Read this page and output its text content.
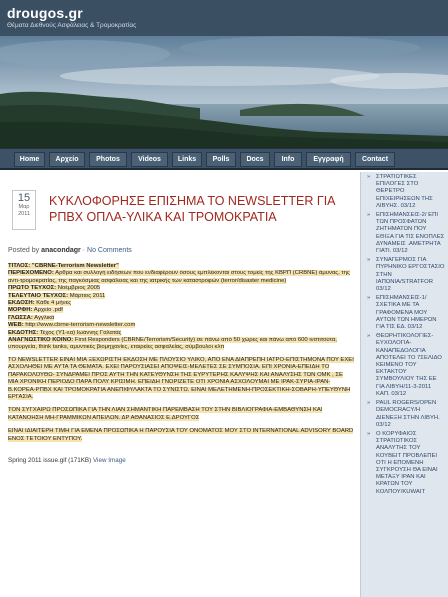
drougos.gr
Θέματα Διεθνούς Ασφάλειας & Τρομοκρατίας
Home	Αρχείο	Photos	Videos	Links	Polls	Docs	Info	Εγγραφή	Contact
15
Μαρ
2011
ΚΥΚΛΟΦΟΡΗΣΕ ΕΠΙΣΗΜΑ ΤΟ NEWSLETTER ΓΙΑ ΡΠΒΧ ΟΠΛΑ-ΥΛΙΚΑ ΚΑΙ ΤΡΟΜΟΚΡΑΤΙΑ
Posted by anacondagr · No Comments
ΤΙΤΛΟΣ: "CBRNE-Terrorism Newsletter"
ΠΕΡΙΕΧΟΜΕΝΟ: Αρθρα και συλλογή ειδήσεων που ενδιαφέρουν όσους εμπλέκονται στους τομείς της ΚΒΡΠ (CRBNE) άμυνας, της αντι-τρομοκρατίας, της παγκόσμιας ασφάλειας και της ιατρικής των καταστροφών (terror/disaster medicine)
ΠΡΩΤΟ ΤΕΥΧΟΣ: Νοέμβριος 2005
ΤΕΛΕΥΤΑΙΟ ΤΕΥΧΟΣ: Μάρτιος 2011
ΕΚΔΟΣΗ: Κάθε 4 μήνες
ΜΟΡΦΗ: Αρχείο .pdf
ΓΛΩΣΣΑ: Αγγλικά
WEB: http://www.cbrne-terrorism-newsletter.com
ΕΚΔΟΤΗΣ: Τέχος (Υ1-εα) Ιωάννης Γαλατάς
ΑΝΑΓΝΩΣΤΙΚΟ ΚΟΙΝΟ: First Responders (CBRNE/Terrorism/Security) σε πάνω από 50 χώρες και πάνω από 600 ινστιτούτα, υπουργεία, think tanks, αμυντικές βιομηχανίες, εταιρείες ασφαλείας, σύμβουλοι κλπ

ΤΟ NEWSLETTER ΕΙΝΑΙ ΜΙΑ ΞΕΧΩΡΙΣΤΗ ΕΚΔΟΣΗ ΜΕ ΠΛΟΥΣΙΟ ΥΛΙΚΟ, ΑΠΟ ΕΝΑ ΔΙΑΠΡΕΠΗ ΙΑΤΡΟ-ΕΠΙΣΤΗΜΟΝΑ ΠΟΥ ΕΧΕΙ ΑΣΧΟΛΗΘΕΙ ΜΕ ΑΥΤΑ ΤΑ ΘΕΜΑΤΑ. ΕΧΕΙ ΠΑΡΟΥΣΙΑΣΕΙ ΑΠΟΨΕΙΣ-ΜΕΛΕΤΕΣ ΣΕ ΣΥΜΠΟΣΙΑ. ΕΠΙ ΧΡΟΝΙΑ-ΕΠΕΙΔΗ ΤΟ ΠΑΡΑΚΟΛΟΥΘΩ- ΣΥΝΔΡΑΜΕΙ ΠΡΟΣ ΑΥΤΗ ΤΗΝ ΚΑΤΕΥΘΥΝΣΗ ΤΗΣ ΕΥΡΥΤΕΡΗΣ ΚΑΛΥΨΗΣ ΚΑΙ ΑΝΑΛΥΣΗΣ ΤΩΝ ΟΜΚ , ΣΕ ΜΙΑ ΧΡΟΝΙΚΗ ΠΕΡΙΟΔΟ ΠΑΡΑ ΠΟΛΥ ΚΡΙΣΙΜΗ. ΕΠΕΙΔΗ ΓΝΩΡΙΖΕΤΕ ΟΤΙ ΧΡΟΝΙΑ ΑΣΧΟΛΟΥΜΑΙ ΜΕ ΙΡΑΚ-ΣΥΡΙΑ-ΙΡΑΝ-Β.ΚΟΡΕΑ-ΡΠΒΧ ΚΑΙ ΤΡΟΜΟΚΡΑΤΙΑ ΑΝΕΠΙΦΥΛΑΚΤΑ ΤΟ ΣΥΝΙΣΤΩ. ΕΙΝΑΙ ΜΕΛΕΤΗΜΕΝΗ-ΠΡΟΣΕΚΤΙΚΗ-ΣΟΒΑΡΗ-ΥΠΕΥΘΥΝΗ ΕΡΓΑΣΙΑ.

ΤΟΝ ΣΥΓΧΑΙΡΩ ΠΡΟΣΩΠΙΚΑ ΓΙΑ ΤΗΝ ΛΙΑΝ ΣΗΜΑΝΤΙΚΗ ΠΑΡΕΜΒΑΣΗ ΤΟΥ ΣΤΗΝ ΒΙΒΛΙΟΓΡΑΦΙΑ-ΕΜΒΑΘΥΝΣΗ ΚΑΙ ΚΑΤΑΝΟΗΣΗ ΜΗ-ΓΡΑΜΜΙΚΩΝ ΑΠΕΙΛΩΝ. ΔΡ ΑΘΑΝΑΣΙΟΣ Ε.ΔΡΟΥΓΟΣ

ΕΙΝΑΙ ΙΔΙΑΙΤΕΡΗ ΤΙΜΗ ΓΙΑ ΕΜΕΝΑ ΠΡΟΣΩΠΙΚΑ Η ΠΑΡΟΥΣΙΑ ΤΟΥ ΟΝΟΜΑΤΟΣ ΜΟΥ ΣΤΟ INTERNATIONAL ADVISORY BOARD ΕΝΟΣ ΤΕΤΟΙΟΥ ΕΝΤΥΠΟΥ.

Spring 2011 issue.gif (171KB) View Image
» ΣΤΡΑΤΙΩΤΙΚΕΣ ΕΠΙΛΟΓΕΣ ΣΤΟ ΘΕΡΕΤΡΟ ΕΠΙΧΕΙΡΗΣΕΩΝ ΤΗΣ ΛΙΒΥΗΣ. 03/12
» ΕΠΙΣΗΜΑΝΣΕΙΣ-2/ ΕΠΙ ΤΩΝ ΠΡΟΣΦΑΤΩΝ ΖΗΤΗΜΑΤΩΝ ΠΟΥ ΕΘΙΞΑ ΓΙΑ ΤΙΣ ΕΝΟΠΛΕΣ ΔΥΝΑΜΕΙΣ .ΑΜΕΤΡΗΤΑ ΓΙΑΤΙ. 03/12
» ΣΥΝΑΓΕΡΜΟΣ ΓΙΑ ΠΥΡΗΝΙΚΟ ΕΡΓΟΣΤΑΣΙΟ ΣΤΗΝ ΙΑΠΩΝΙΑ/STRATFOR 03/12
» ΕΠΙΣΗΜΑΝΣΕΙΣ-1/ΣΧΕΤΙΚΑ ΜΕ ΤΑ ΓΡΑΦΟΜΕΝΑ ΜΟΥ ΑΥΤΩΝ ΤΩΝ ΗΜΕΡΩΝ ΓΙΑ ΤΙΣ ΕΔ. 03/12
» ΘΕΩΡΗΤΙΚΟΛΟΓΙΕΣ-ΕΥΧΟΛΟΓΙΑ-ΚΑΝΑΠΕΔΟΛΟΓΙΑ ΑΠΟΤΕΛΕΙ ΤΟ 7ΣΕΛΙΔΟ ΚΕΙΜΕΝΟ ΤΟΥ ΕΚΤΑΚΤΟΥ ΣΥΜΒΟΥΛΙΟΥ ΤΗΣ ΕΕ ΓΙΑ ΛΙΒΥΗ/11-3-2011 ΚΑΠ. 03/12
» PAUL ROGERS/OPEN DEMOCRACY/Η ΔΙΕΝΕΞΗ ΣΤΗΝ ΛΙΒΥΗ. 03/12
» Ο ΚΟΡΥΦΑΙΟΣ ΣΤΡΑΤΙΩΤΙΚΟΣ ΑΝΑΛΥΤΗΣ ΤΟΥ ΚΟΥΒΕΙΤ ΠΡΟΒΛΕΠΕΙ ΟΤΙ Η ΕΠΟΜΕΝΗ ΣΥΓΚΡΟΥΣΗ ΘΑ ΕΙΝΑΙ ΜΕΤΑΞΥ ΙΡΑΝ ΚΑΙ ΚΡΑΤΩΝ ΤΟΥ ΚΟΛΠΟΥ/KUWAIT
